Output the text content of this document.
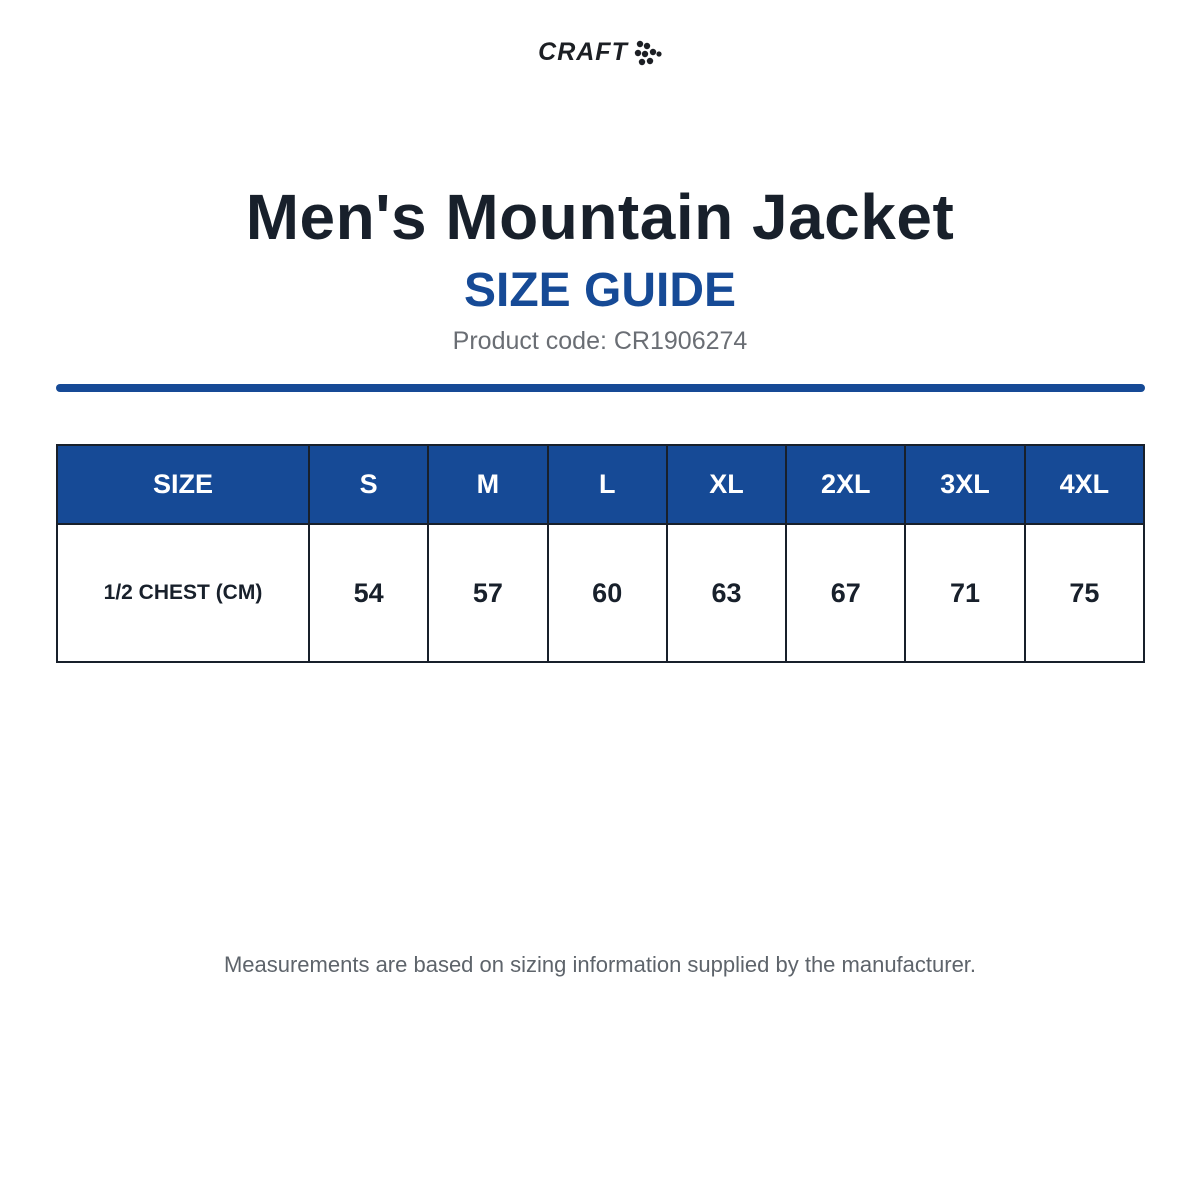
CRAFT
Men's Mountain Jacket
SIZE GUIDE
Product code: CR1906274
SIZE	S	M	L	XL	2XL	3XL	4XL
1/2 CHEST (CM)	54	57	60	63	67	71	75
Measurements are based on sizing information supplied by the manufacturer.
